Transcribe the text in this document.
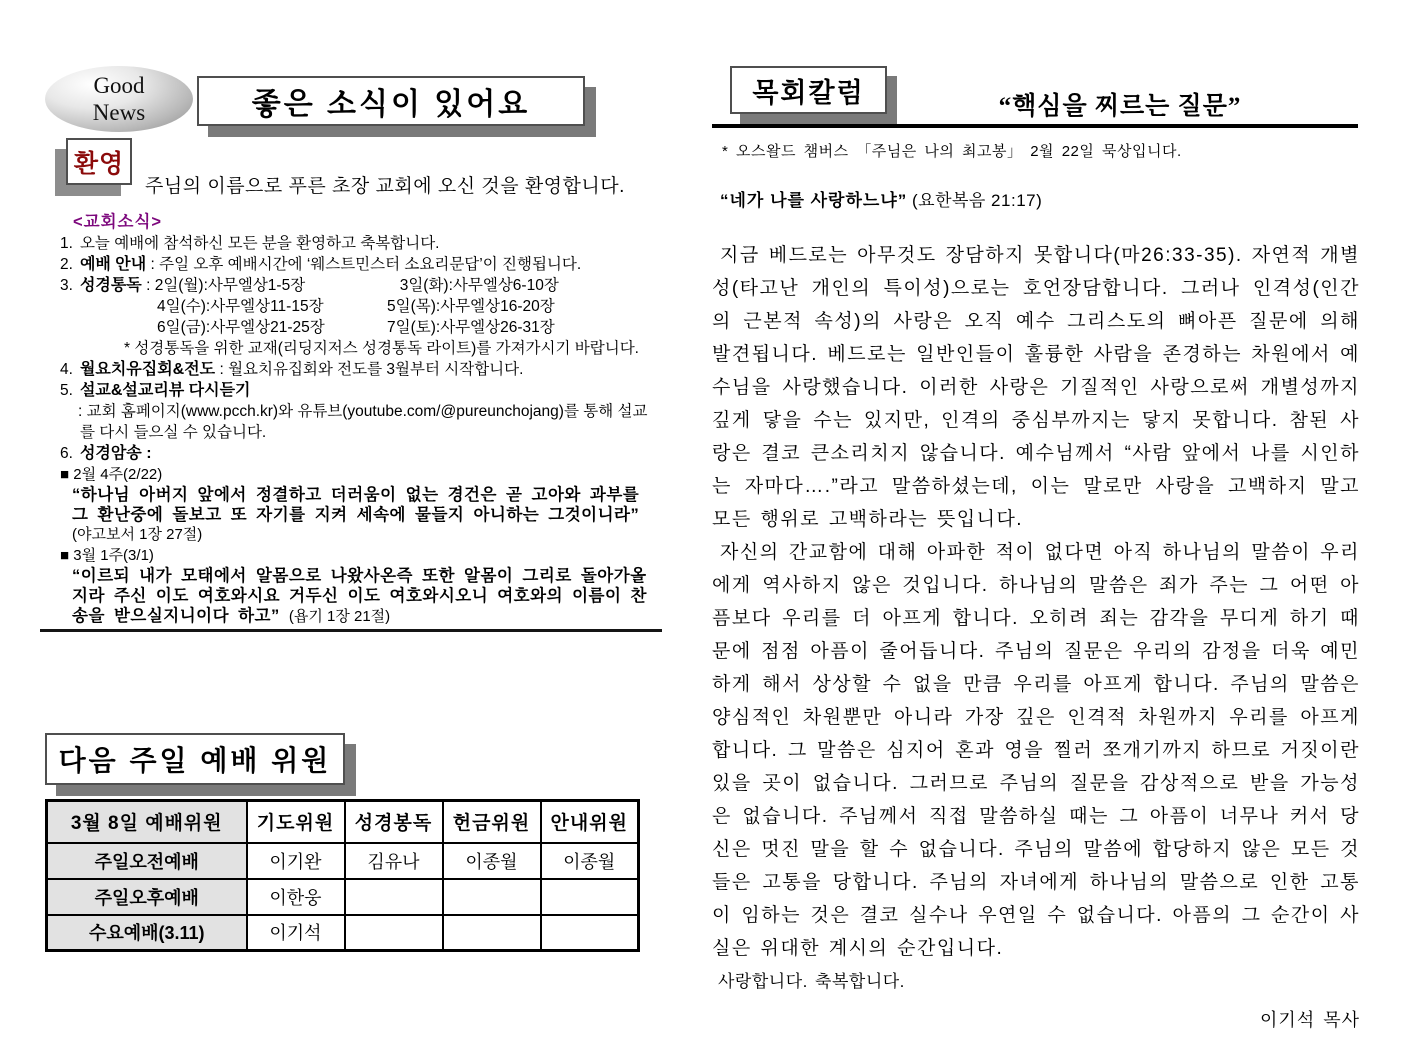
Good
News	좋은 소식이 있어요
환영
주님의 이름으로 푸른 초장 교회에 오신 것을 환영합니다.
<교회소식>
1. 오늘 예배에 참석하신 모든 분을 환영하고 축복합니다.
2. 예배 안내 : 주일 오후 예배시간에 ‘웨스트민스터 소요리문답’이 진행됩니다.
3. 성경통독 : 2일(월):사무엘상1-5장	3일(화):사무엘상6-10장
4일(수):사무엘상11-15장	5일(목):사무엘상16-20장
6일(금):사무엘상21-25장	7일(토):사무엘상26-31장
* 성경통독을 위한 교재(리딩지저스 성경통독 라이트)를 가져가시기 바랍니다.
4. 월요치유집회&전도 : 월요치유집회와 전도를 3월부터 시작합니다.
5. 설교&설교리뷰 다시듣기
: 교회 홈페이지(www.pcch.kr)와 유튜브(youtube.com/@pureunchojang)를 통해 설교
를 다시 들으실 수 있습니다.
6. 성경암송 :
■ 2월 4주(2/22)
“하나님 아버지 앞에서 정결하고 더러움이 없는 경건은 곧 고아와 과부를
그 환난중에 돌보고 또 자기를 지켜 세속에 물들지 아니하는 그것이니라”
(야고보서 1장 27절)
■ 3월 1주(3/1)
“이르되 내가 모태에서 알몸으로 나왔사온즉 또한 알몸이 그리로 돌아가올
지라 주신 이도 여호와시요 거두신 이도 여호와시오니 여호와의 이름이 찬
송을 받으실지니이다 하고” (욥기 1장 21절)
다음 주일 예배 위원
3월 8일 예배위원	기도위원	성경봉독	헌금위원	안내위원
주일오전예배	이기완	김유나	이종월	이종월
주일오후예배	이한웅			
수요예배(3.11)	이기석			
목회칼럼	“핵심을 찌르는 질문”
* 오스왈드 챔버스 「주님은 나의 최고봉」 2월 22일 묵상입니다.
“네가 나를 사랑하느냐” (요한복음 21:17)
지금 베드로는 아무것도 장담하지 못합니다(마26:33-35). 자연적 개별성(타고난 개인의 특이성)으로는 호언장담합니다. 그러나 인격성(인간의 근본적 속성)의 사랑은 오직 예수 그리스도의 뼈아픈 질문에 의해 발견됩니다. 베드로는 일반인들이 훌륭한 사람을 존경하는 차원에서 예수님을 사랑했습니다. 이러한 사랑은 기질적인 사랑으로써 개별성까지 깊게 닿을 수는 있지만, 인격의 중심부까지는 닿지 못합니다. 참된 사랑은 결코 큰소리치지 않습니다. 예수님께서 “사람 앞에서 나를 시인하는 자마다….”라고 말씀하셨는데, 이는 말로만 사랑을 고백하지 말고 모든 행위로 고백하라는 뜻입니다.
자신의 간교함에 대해 아파한 적이 없다면 아직 하나님의 말씀이 우리에게 역사하지 않은 것입니다. 하나님의 말씀은 죄가 주는 그 어떤 아픔보다 우리를 더 아프게 합니다. 오히려 죄는 감각을 무디게 하기 때문에 점점 아픔이 줄어듭니다. 주님의 질문은 우리의 감정을 더욱 예민하게 해서 상상할 수 없을 만큼 우리를 아프게 합니다. 주님의 말씀은 양심적인 차원뿐만 아니라 가장 깊은 인격적 차원까지 우리를 아프게 합니다. 그 말씀은 심지어 혼과 영을 찔러 쪼개기까지 하므로 거짓이란 있을 곳이 없습니다. 그러므로 주님의 질문을 감상적으로 받을 가능성은 없습니다. 주님께서 직접 말씀하실 때는 그 아픔이 너무나 커서 당신은 멋진 말을 할 수 없습니다. 주님의 말씀에 합당하지 않은 모든 것들은 고통을 당합니다. 주님의 자녀에게 하나님의 말씀으로 인한 고통이 임하는 것은 결코 실수나 우연일 수 없습니다. 아픔의 그 순간이 사실은 위대한 계시의 순간입니다.
사랑합니다. 축복합니다.
이기석 목사
